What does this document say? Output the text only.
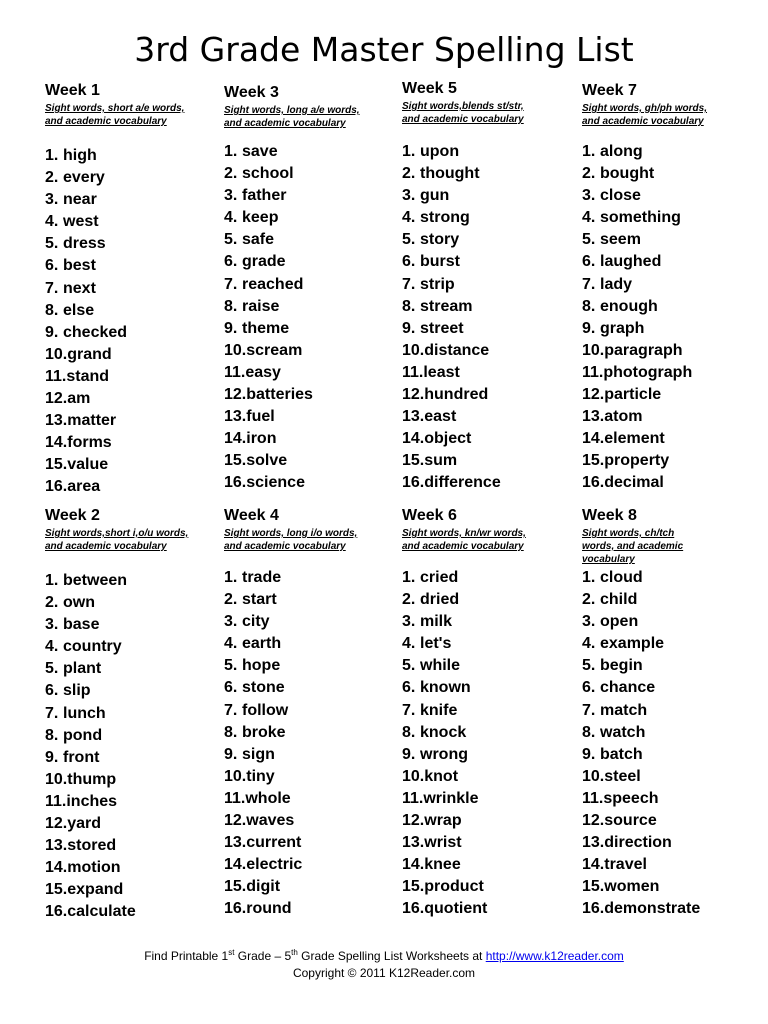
3rd Grade Master Spelling List
Week 1
Sight words, short a/e words,
and academic vocabulary
1. high
2. every
3. near
4. west
5. dress
6. best
7. next
8. else
9. checked
10.grand
11.stand
12.am
13.matter
14.forms
15.value
16.area
Week 2
Sight words,short i,o/u words,
and academic vocabulary
1. between
2. own
3. base
4. country
5. plant
6. slip
7. lunch
8. pond
9. front
10.thump
11.inches
12.yard
13.stored
14.motion
15.expand
16.calculate
Week 3
Sight words, long a/e words,
and academic vocabulary
1. save
2. school
3. father
4. keep
5. safe
6. grade
7. reached
8. raise
9. theme
10.scream
11.easy
12.batteries
13.fuel
14.iron
15.solve
16.science
Week 4
Sight words, long i/o words,
and academic vocabulary
1. trade
2. start
3. city
4. earth
5. hope
6. stone
7. follow
8. broke
9. sign
10.tiny
11.whole
12.waves
13.current
14.electric
15.digit
16.round
Week 5
Sight words,blends st/str,
and academic vocabulary
1. upon
2. thought
3. gun
4. strong
5. story
6. burst
7. strip
8. stream
9. street
10.distance
11.least
12.hundred
13.east
14.object
15.sum
16.difference
Week 6
Sight words, kn/wr words,
and academic vocabulary
1. cried
2. dried
3. milk
4. let's
5. while
6. known
7. knife
8. knock
9. wrong
10.knot
11.wrinkle
12.wrap
13.wrist
14.knee
15.product
16.quotient
Week 7
Sight words, gh/ph words,
and academic vocabulary
1. along
2. bought
3. close
4. something
5. seem
6. laughed
7. lady
8. enough
9. graph
10.paragraph
11.photograph
12.particle
13.atom
14.element
15.property
16.decimal
Week 8
Sight words, ch/tch
words, and academic
vocabulary
1. cloud
2. child
3. open
4. example
5. begin
6. chance
7. match
8. watch
9. batch
10.steel
11.speech
12.source
13.direction
14.travel
15.women
16.demonstrate
Find Printable 1st Grade – 5th Grade Spelling List Worksheets at http://www.k12reader.com
Copyright © 2011 K12Reader.com
